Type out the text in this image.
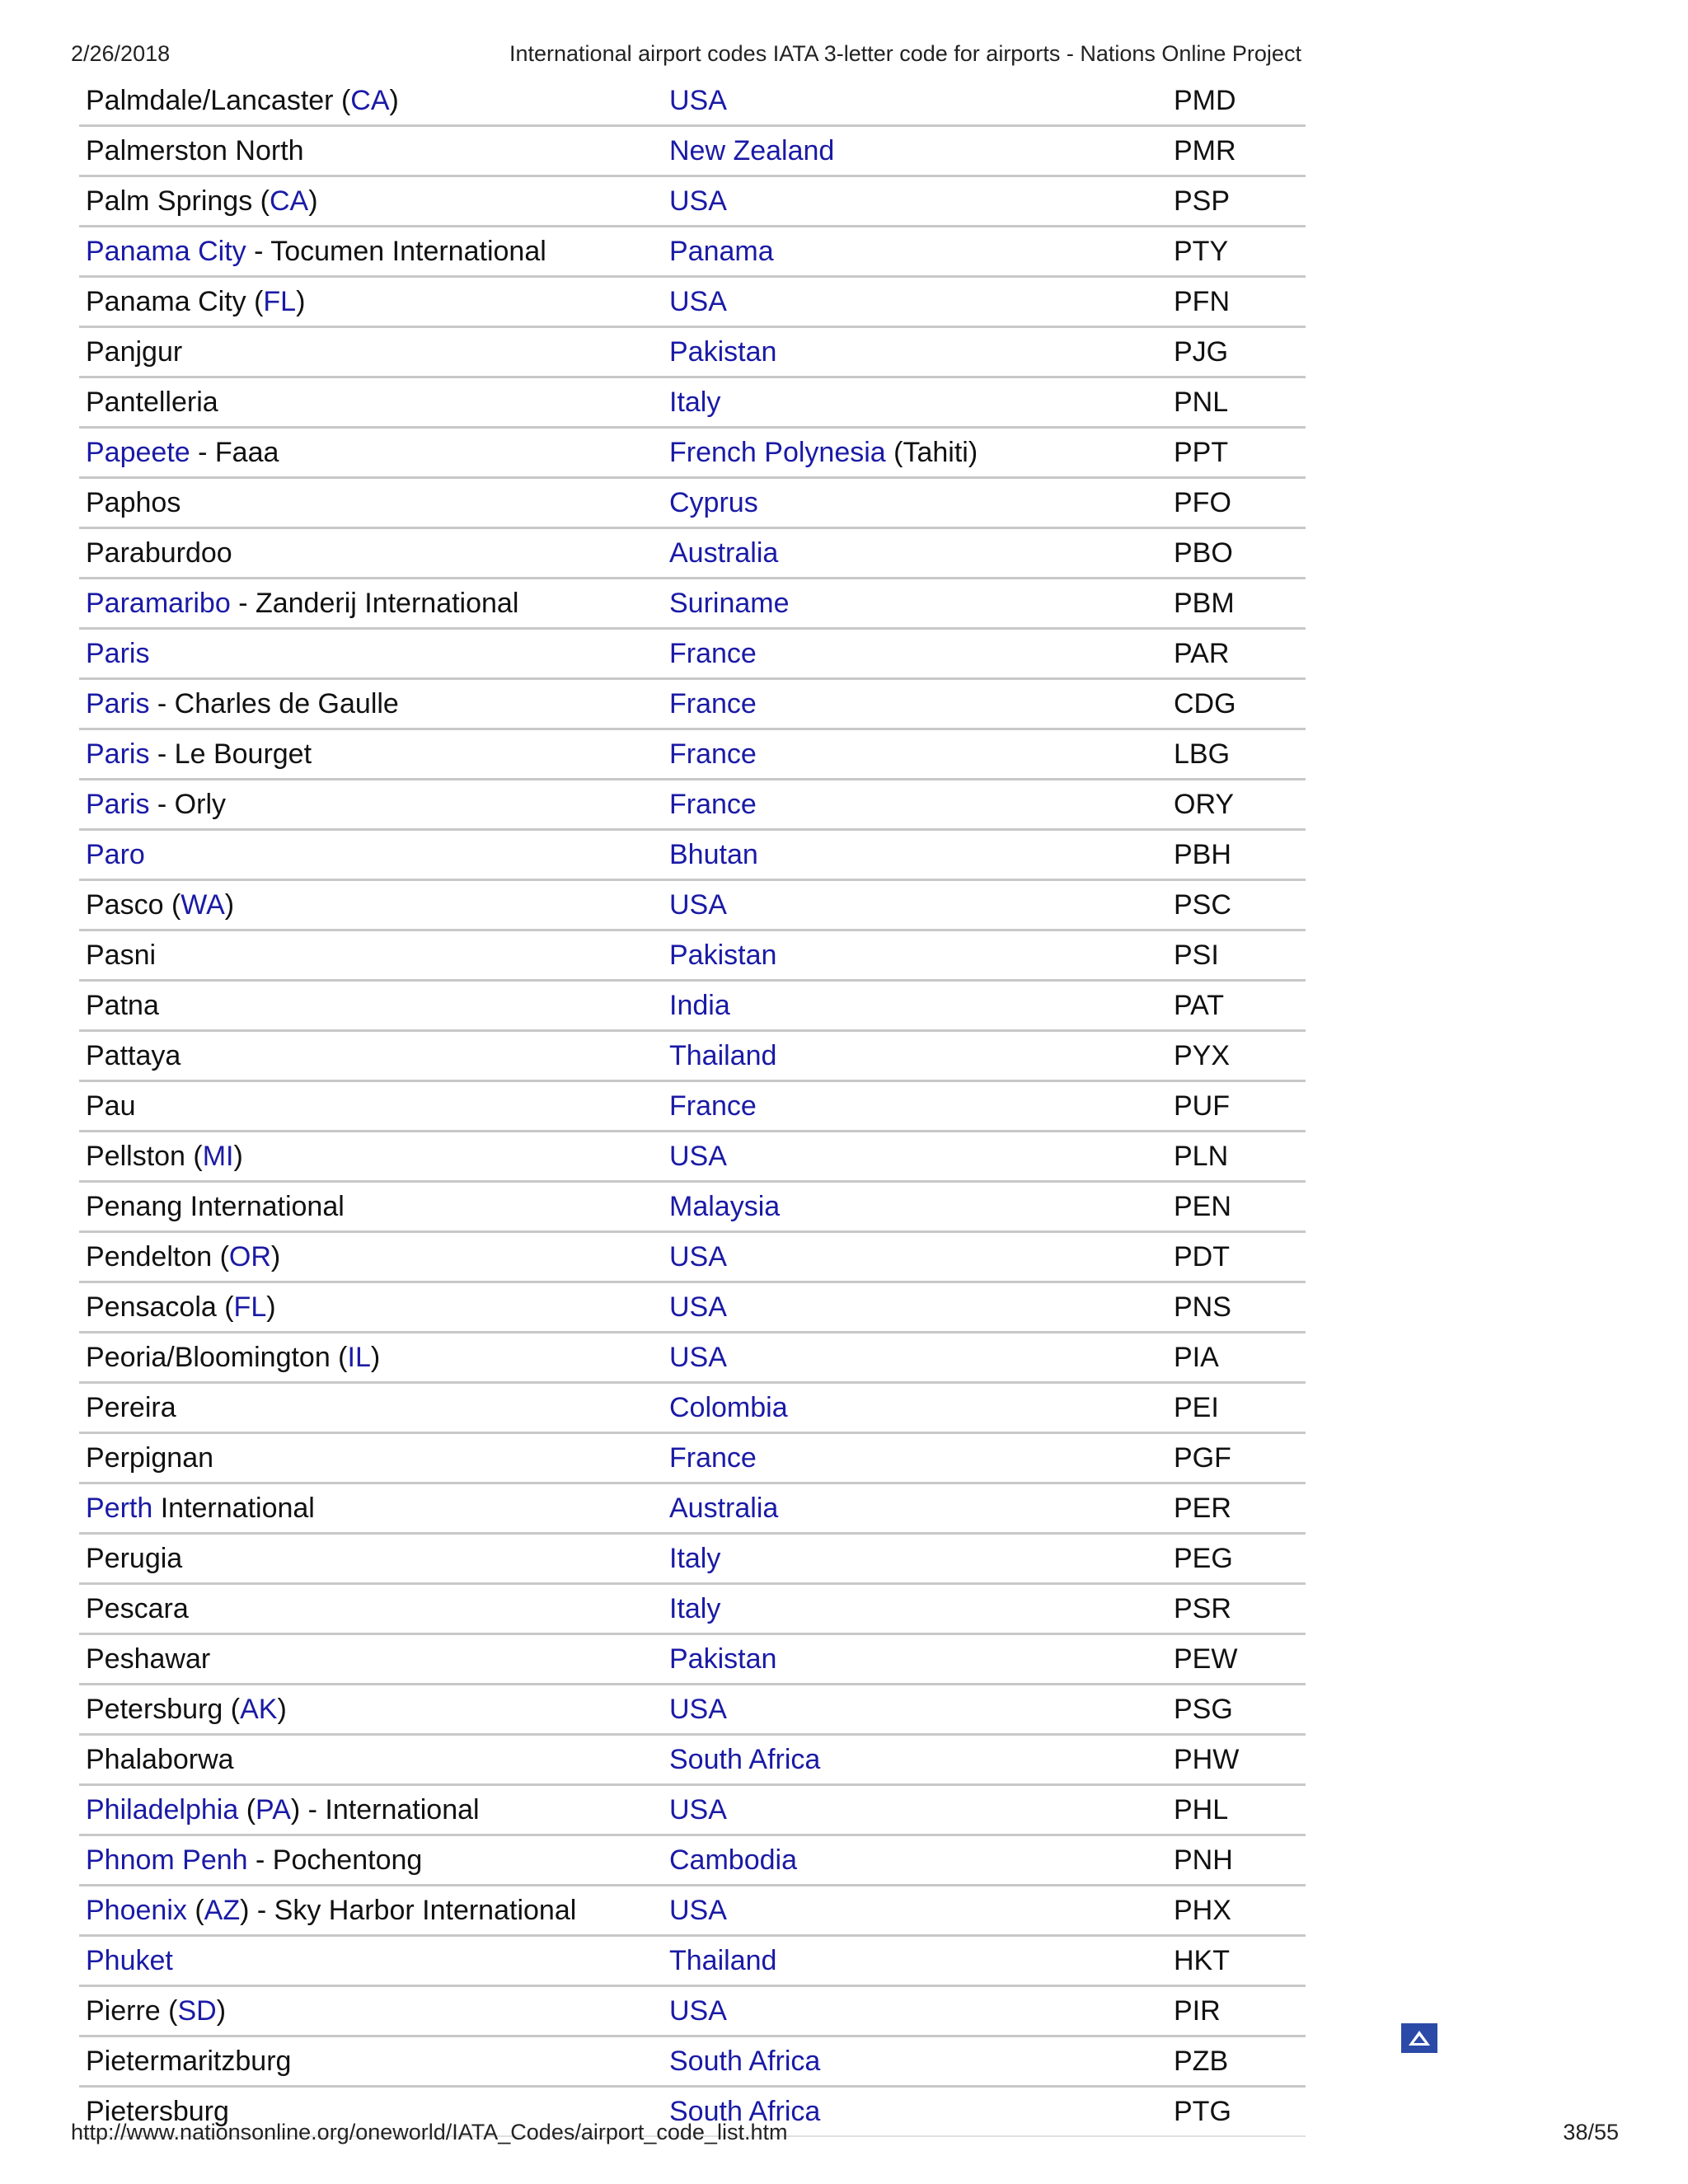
2/26/2018	International airport codes IATA 3-letter code for airports - Nations Online Project
Palmdale/Lancaster (CA)	USA	PMD
Palmerston North	New Zealand	PMR
Palm Springs (CA)	USA	PSP
Panama City - Tocumen International	Panama	PTY
Panama City (FL)	USA	PFN
Panjgur	Pakistan	PJG
Pantelleria	Italy	PNL
Papeete - Faaa	French Polynesia (Tahiti)	PPT
Paphos	Cyprus	PFO
Paraburdoo	Australia	PBO
Paramaribo - Zanderij International	Suriname	PBM
Paris	France	PAR
Paris - Charles de Gaulle	France	CDG
Paris - Le Bourget	France	LBG
Paris - Orly	France	ORY
Paro	Bhutan	PBH
Pasco (WA)	USA	PSC
Pasni	Pakistan	PSI
Patna	India	PAT
Pattaya	Thailand	PYX
Pau	France	PUF
Pellston (MI)	USA	PLN
Penang International	Malaysia	PEN
Pendelton (OR)	USA	PDT
Pensacola (FL)	USA	PNS
Peoria/Bloomington (IL)	USA	PIA
Pereira	Colombia	PEI
Perpignan	France	PGF
Perth International	Australia	PER
Perugia	Italy	PEG
Pescara	Italy	PSR
Peshawar	Pakistan	PEW
Petersburg (AK)	USA	PSG
Phalaborwa	South Africa	PHW
Philadelphia (PA) - International	USA	PHL
Phnom Penh - Pochentong	Cambodia	PNH
Phoenix (AZ) - Sky Harbor International	USA	PHX
Phuket	Thailand	HKT
Pierre (SD)	USA	PIR
Pietermaritzburg	South Africa	PZB
Pietersburg	South Africa	PTG
http://www.nationsonline.org/oneworld/IATA_Codes/airport_code_list.htm	38/55
